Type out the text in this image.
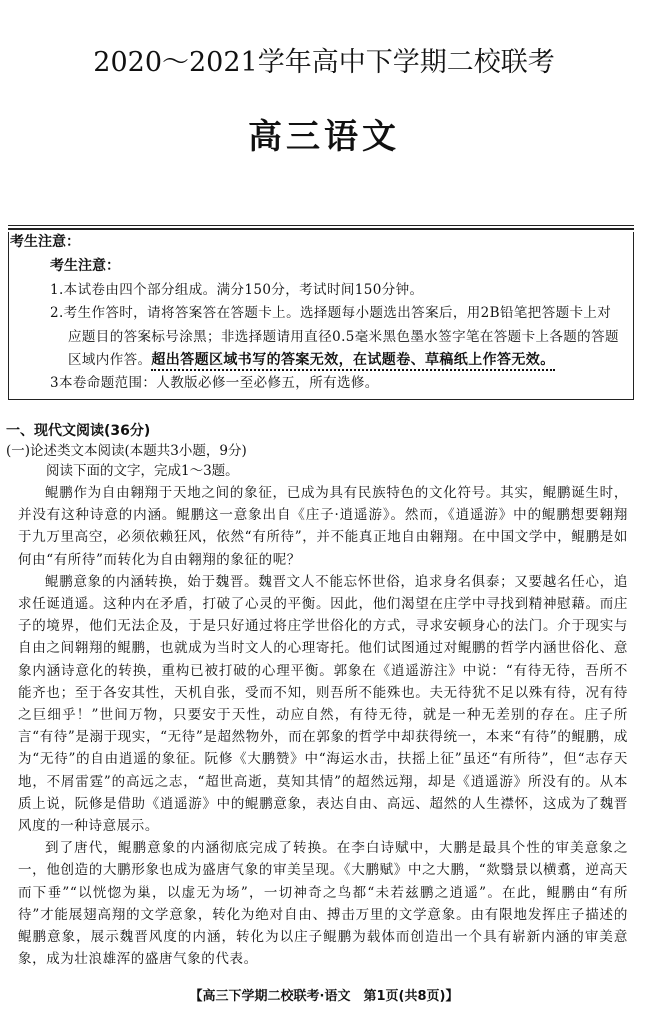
2020～2021学年高中下学期二校联考
高三语文
考生注意：
考生注意：
1.本试卷由四个部分组成。满分150分，考试时间150分钟。
2.考生作答时，请将答案答在答题卡上。选择题每小题选出答案后，用2B铅笔把答题卡上对
应题目的答案标号涂黑；非选择题请用直径0.5毫米黑色墨水签字笔在答题卡上各题的答题
区域内作答。超出答题区域书写的答案无效，在试题卷、草稿纸上作答无效。
3本卷命题范围：人教版必修一至必修五，所有选修。
一、现代文阅读(36分)
(一)论述类文本阅读(本题共3小题，9分)
阅读下面的文字，完成1～3题。

鲲鹏作为自由翱翔于天地之间的象征，已成为具有民族特色的文化符号。其实，鲲鹏诞生时，并没有这种诗意的内涵。鲲鹏这一意象出自《庄子·逍遥游》。然而，《逍遥游》中的鲲鹏想要翱翔于九万里高空，必须依赖狂风，依然“有所待”，并不能真正地自由翱翔。在中国文学中，鲲鹏是如何由“有所待”而转化为自由翱翔的象征的呢？

鲲鹏意象的内涵转换，始于魏晋。魏晋文人不能忘怀世俗，追求身名俱泰；又要越名任心，追求任诞逍遥。这种内在矛盾，打破了心灵的平衡。因此，他们渴望在庄学中寻找到精神慰藉。而庄子的境界，他们无法企及，于是只好通过将庄学世俗化的方式，寻求安顿身心的法门。介于现实与自由之间翱翔的鲲鹏，也就成为当时文人的心理寄托。他们试图通过对鲲鹏的哲学内涵世俗化、意象内涵诗意化的转换，重构已被打破的心理平衡。郭象在《逍遥游注》中说：“有待无待，吾所不能齐也；至于各安其性，天机自张，受而不知，则吾所不能殊也。夫无待犹不足以殊有待，况有待之巨细乎！”世间万物，只要安于天性，动应自然，有待无待，就是一种无差别的存在。庄子所言“有待”是溺于现实，“无待”是超然物外，而在郭象的哲学中却获得统一，本来“有待”的鲲鹏，成为“无待”的自由逍遥的象征。阮修《大鹏赞》中“海运水击，扶摇上征”虽还“有所待”，但“志存天地，不屑雷霆”的高远之志，“超世高逝，莫知其情”的超然远翔，却是《逍遥游》所没有的。从本质上说，阮修是借助《逍遥游》中的鲲鹏意象，表达自由、高远、超然的人生襟怀，这成为了魏晋风度的一种诗意展示。

到了唐代，鲲鹏意象的内涵彻底完成了转换。在李白诗赋中，大鹏是最具个性的审美意象之一，他创造的大鹏形象也成为盛唐气象的审美呈现。《大鹏赋》中之大鹏，“欻翳景以横翥，逆高天而下垂”“以恍惚为巢，以虚无为场”，一切神奇之鸟都“未若兹鹏之逍遥”。在此，鲲鹏由“有所待”才能展翅高翔的文学意象，转化为绝对自由、搏击万里的文学意象。由有限地发挥庄子描述的鲲鹏意象，展示魏晋风度的内涵，转化为以庄子鲲鹏为载体而创造出一个具有崭新内涵的审美意象，成为壮浪雄浑的盛唐气象的代表。

【高三下学期二校联考·语文　第1页(共8页)】
